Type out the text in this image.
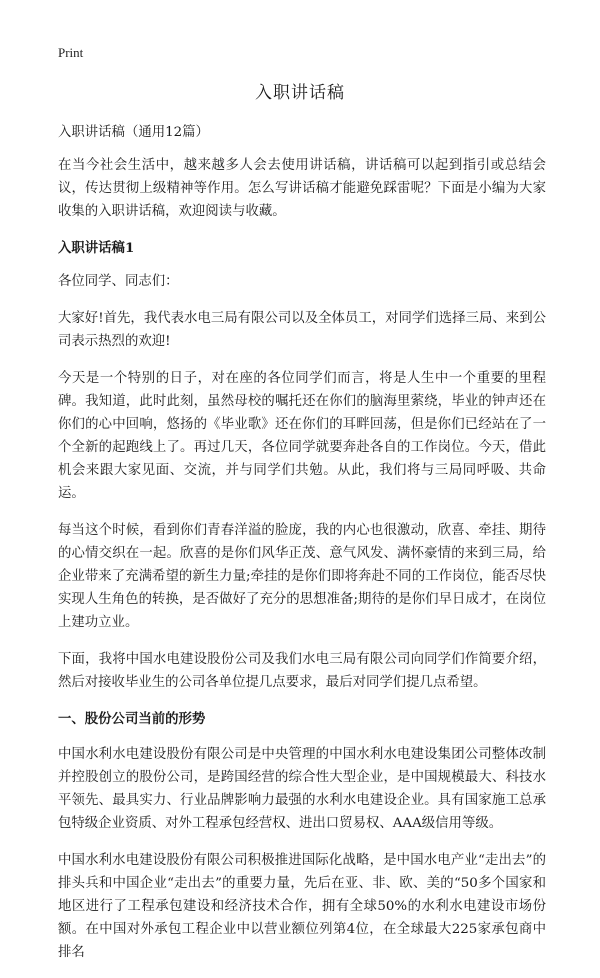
Print
入职讲话稿

入职讲话稿（通用12篇）

在当今社会生活中，越来越多人会去使用讲话稿，讲话稿可以起到指引或总结会议，传达贯彻上级精神等作用。怎么写讲话稿才能避免踩雷呢？下面是小编为大家收集的入职讲话稿，欢迎阅读与收藏。

入职讲话稿1

各位同学、同志们：

大家好!首先，我代表水电三局有限公司以及全体员工，对同学们选择三局、来到公司表示热烈的欢迎!

今天是一个特别的日子，对在座的各位同学们而言，将是人生中一个重要的里程碑。我知道，此时此刻，虽然母校的嘱托还在你们的脑海里萦绕，毕业的钟声还在你们的心中回响，悠扬的《毕业歌》还在你们的耳畔回荡，但是你们已经站在了一个全新的起跑线上了。再过几天，各位同学就要奔赴各自的工作岗位。今天，借此机会来跟大家见面、交流，并与同学们共勉。从此，我们将与三局同呼吸、共命运。

每当这个时候，看到你们青春洋溢的脸庞，我的内心也很激动，欣喜、牵挂、期待的心情交织在一起。欣喜的是你们风华正茂、意气风发、满怀豪情的来到三局，给企业带来了充满希望的新生力量;牵挂的是你们即将奔赴不同的工作岗位，能否尽快实现人生角色的转换，是否做好了充分的思想准备;期待的是你们早日成才，在岗位上建功立业。

下面，我将中国水电建设股份公司及我们水电三局有限公司向同学们作简要介绍，然后对接收毕业生的公司各单位提几点要求，最后对同学们提几点希望。

一、股份公司当前的形势

中国水利水电建设股份有限公司是中央管理的中国水利水电建设集团公司整体改制并控股创立的股份公司，是跨国经营的综合性大型企业，是中国规模最大、科技水平领先、最具实力、行业品牌影响力最强的水利水电建设企业。具有国家施工总承包特级企业资质、对外工程承包经营权、进出口贸易权、AAA级信用等级。

中国水利水电建设股份有限公司积极推进国际化战略，是中国水电产业“走出去”的排头兵和中国企业“走出去”的重要力量，先后在亚、非、欧、美的“50多个国家和地区进行了工程承包建设和经济技术合作，拥有全球50%的水利水电建设市场份额。在中国对外承包工程企业中以营业额位列第4位，在全球最大225家承包商中排名
